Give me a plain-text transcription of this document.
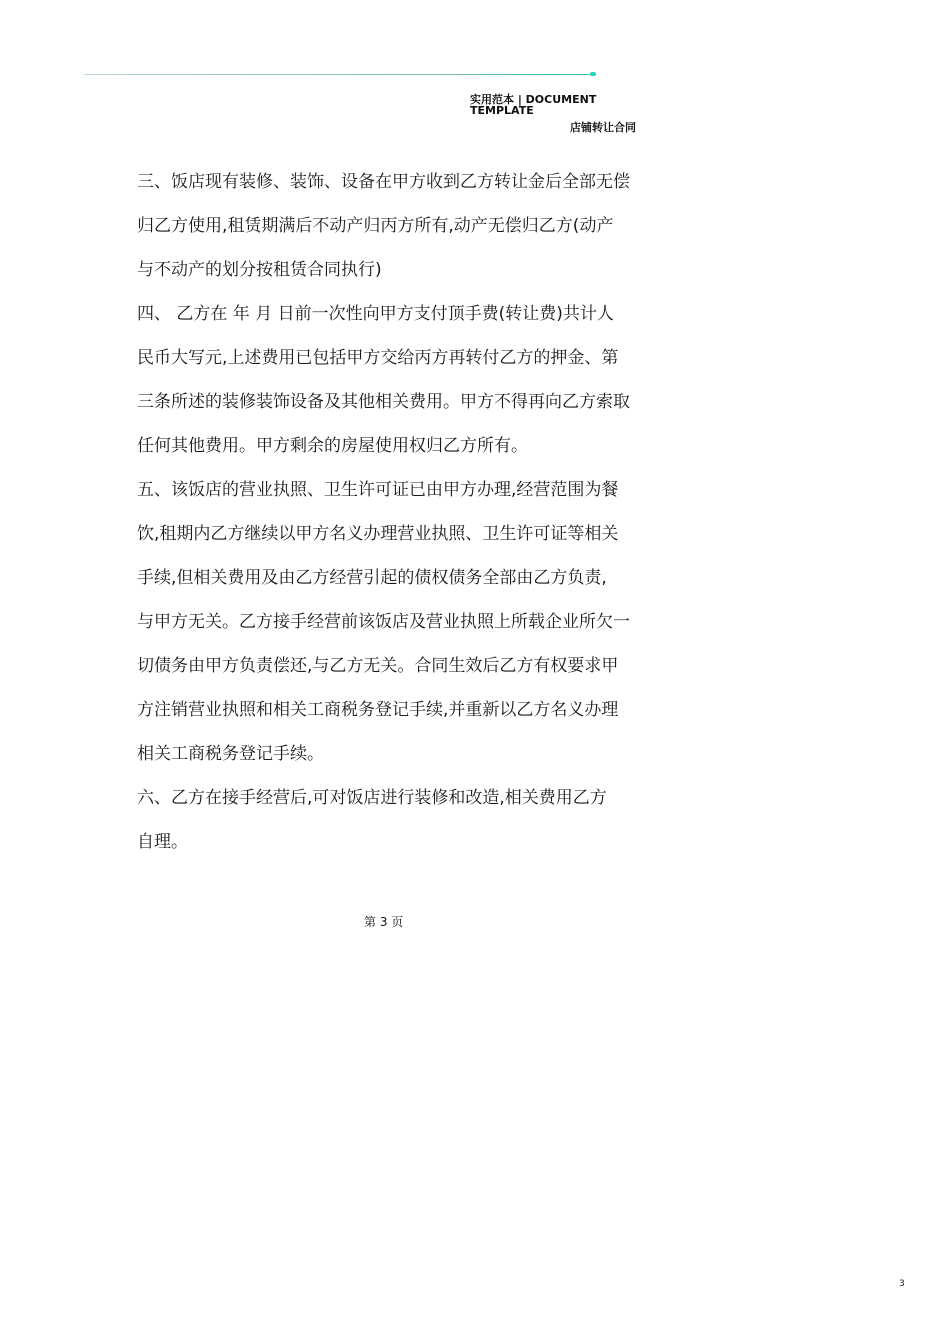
实用范本 | DOCUMENT TEMPLATE
店铺转让合同
三、饭店现有装修、装饰、设备在甲方收到乙方转让金后全部无偿
归乙方使用,租赁期满后不动产归丙方所有,动产无偿归乙方(动产
与不动产的划分按租赁合同执行)
四、 乙方在 年 月 日前一次性向甲方支付顶手费(转让费)共计人
民币大写元,上述费用已包括甲方交给丙方再转付乙方的押金、第
三条所述的装修装饰设备及其他相关费用。甲方不得再向乙方索取
任何其他费用。甲方剩余的房屋使用权归乙方所有。
五、该饭店的营业执照、卫生许可证已由甲方办理,经营范围为餐
饮,租期内乙方继续以甲方名义办理营业执照、卫生许可证等相关
手续,但相关费用及由乙方经营引起的债权债务全部由乙方负责,
与甲方无关。乙方接手经营前该饭店及营业执照上所载企业所欠一
切债务由甲方负责偿还,与乙方无关。合同生效后乙方有权要求甲
方注销营业执照和相关工商税务登记手续,并重新以乙方名义办理
相关工商税务登记手续。
六、乙方在接手经营后,可对饭店进行装修和改造,相关费用乙方
自理。
第 3 页
3
